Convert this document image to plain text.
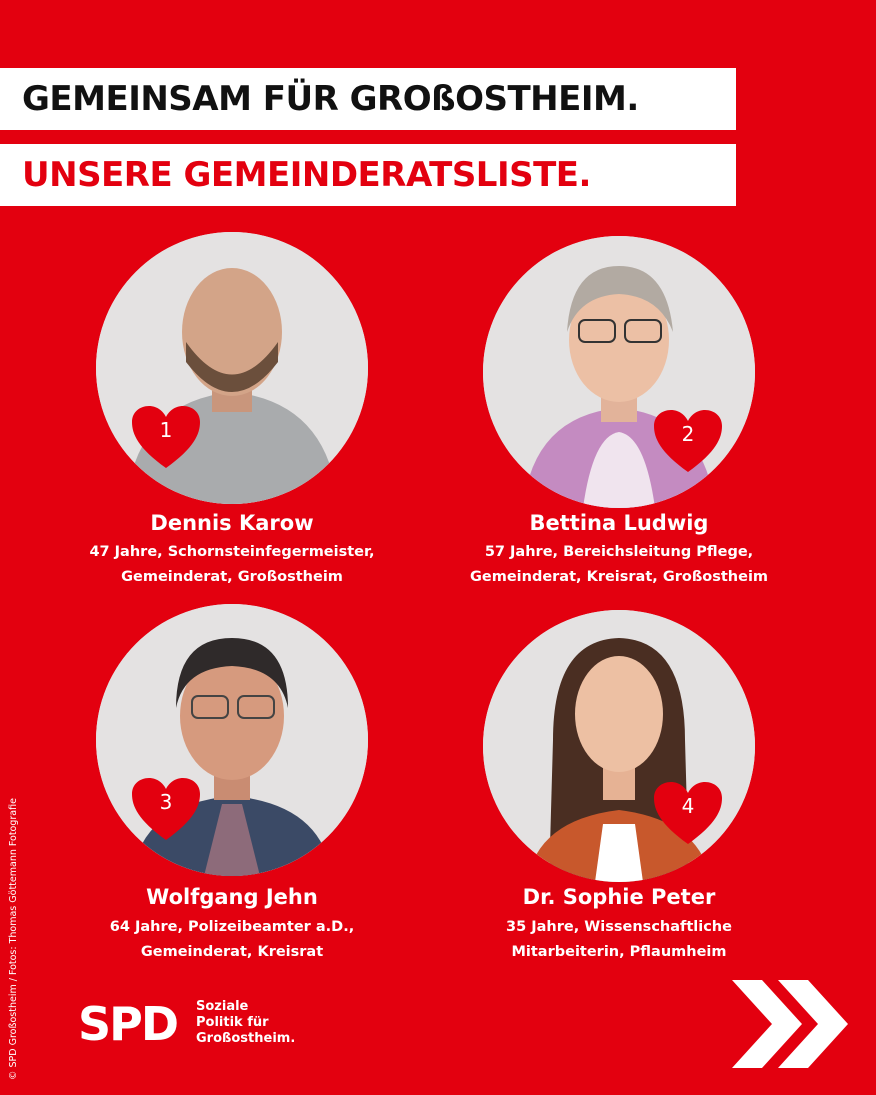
GEMEINSAM FÜR GROßOSTHEIM.
UNSERE GEMEINDERATSLISTE.
1
Dennis Karow
47 Jahre, Schornsteinfegermeister,
Gemeinderat, Großostheim
2
Bettina Ludwig
57 Jahre, Bereichsleitung Pflege,
Gemeinderat, Kreisrat, Großostheim
3
Wolfgang Jehn
64 Jahre, Polizeibeamter a.D.,
Gemeinderat, Kreisrat
4
Dr. Sophie Peter
35 Jahre, Wissenschaftliche
Mitarbeiterin, Pflaumheim
© SPD Großostheim / Fotos: Thomas Göttemann Fotografie SPD Soziale
Politik für
Großostheim.
